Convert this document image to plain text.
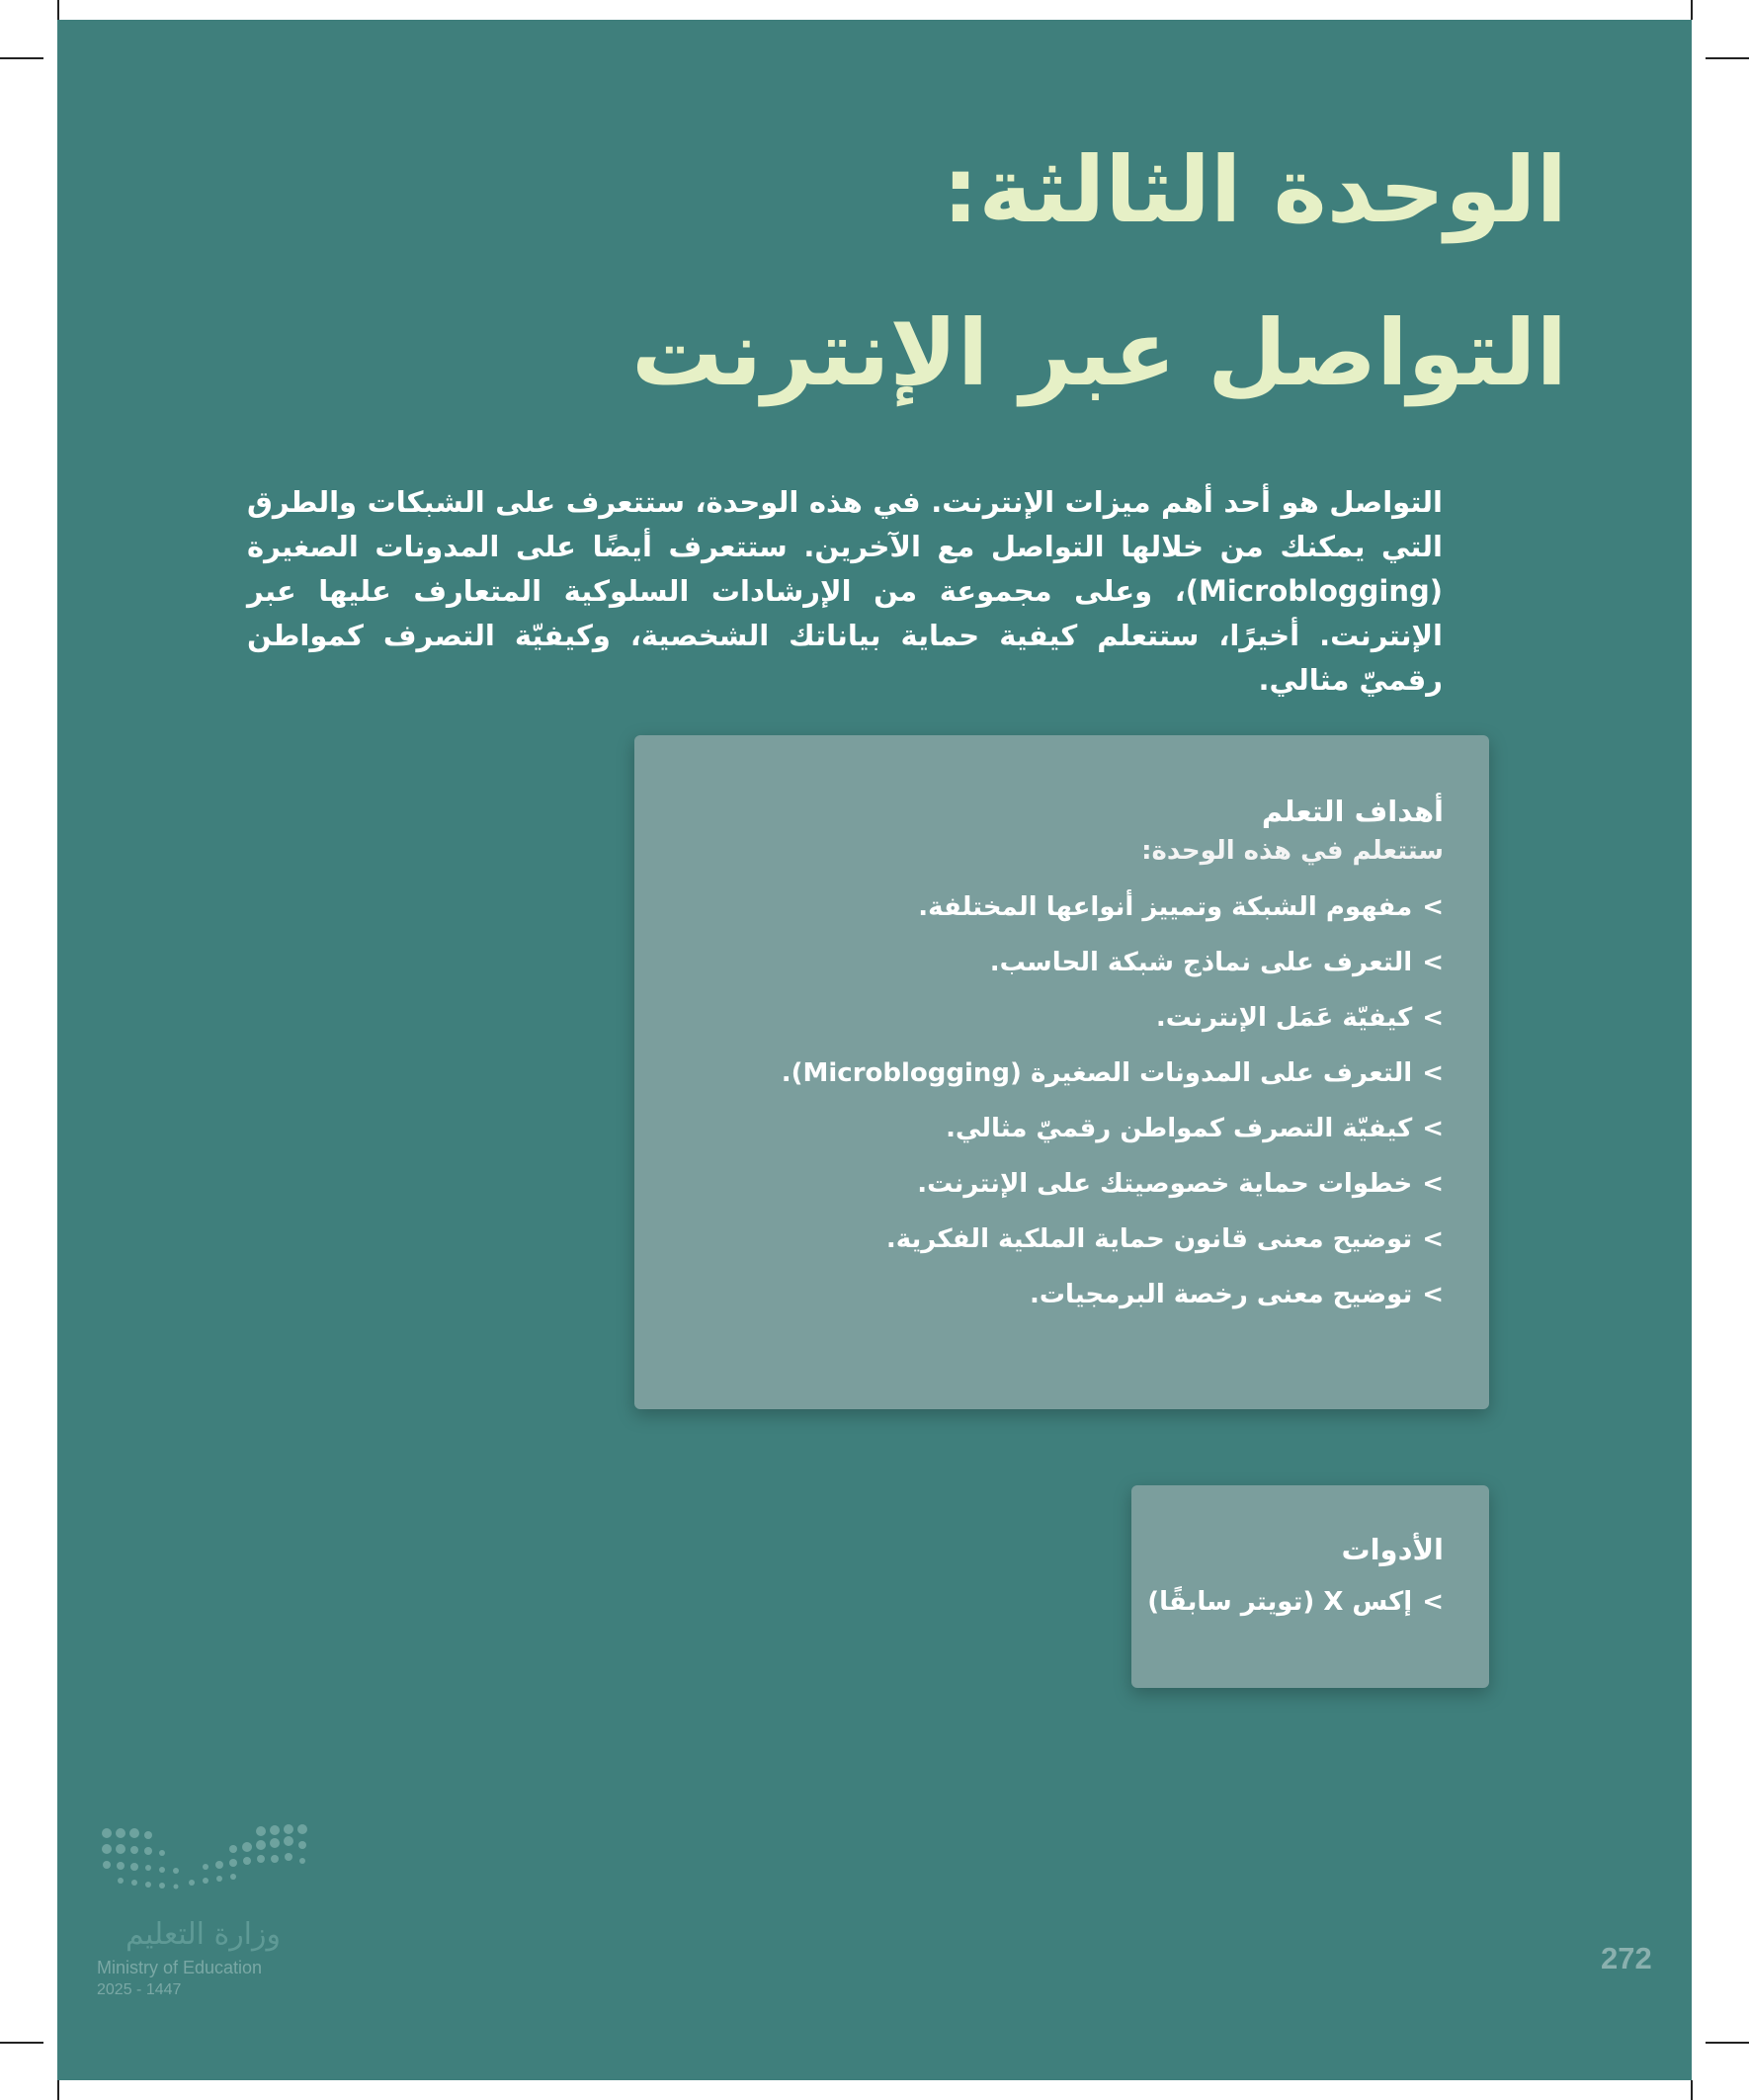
الوحدة الثالثة:
التواصل عبر الإنترنت

التواصل هو أحد أهم ميزات الإنترنت. في هذه الوحدة، ستتعرف على الشبكات والطرق التي يمكنك من خلالها التواصل مع الآخرين. ستتعرف أيضًا على المدونات الصغيرة (Microblogging)، وعلى مجموعة من الإرشادات السلوكية المتعارف عليها عبر الإنترنت. أخيرًا، ستتعلم كيفية حماية بياناتك الشخصية، وكيفيّة التصرف كمواطن رقميّ مثالي.

أهداف التعلم
ستتعلم في هذه الوحدة:
>مفهوم الشبكة وتمييز أنواعها المختلفة.
>التعرف على نماذج شبكة الحاسب.
>كيفيّة عَمَل الإنترنت.
>التعرف على المدونات الصغيرة (Microblogging).
>كيفيّة التصرف كمواطن رقميّ مثالي.
>خطوات حماية خصوصيتك على الإنترنت.
>توضيح معنى قانون حماية الملكية الفكرية.
>توضيح معنى رخصة البرمجيات.
الأدوات
>إكس X (تويتر سابقًا)
وزارة التعليم
Ministry of Education
2025 - 1447
272
